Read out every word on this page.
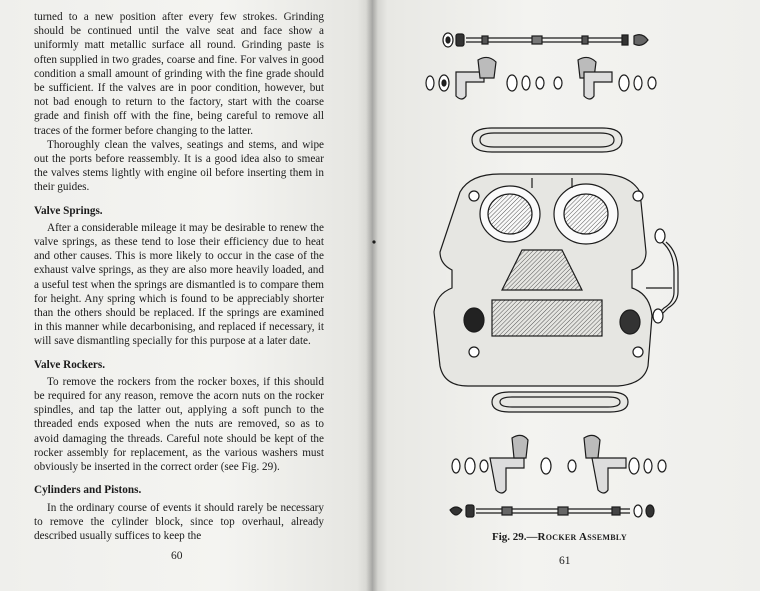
turned to a new position after every few strokes. Grinding should be continued until the valve seat and face show a uniformly matt metallic surface all round. Grinding paste is often supplied in two grades, coarse and fine. For valves in good condition a small amount of grinding with the fine grade should be sufficient. If the valves are in poor condition, however, but not bad enough to return to the factory, start with the coarse grade and finish off with the fine, being careful to remove all traces of the former before changing to the latter.

Thoroughly clean the valves, seatings and stems, and wipe out the ports before reassembly. It is a good idea also to smear the valves stems lightly with engine oil before inserting them in their guides.

Valve Springs.

After a considerable mileage it may be desirable to renew the valve springs, as these tend to lose their efficiency due to heat and other causes. This is more likely to occur in the case of the exhaust valve springs, as they are also more heavily loaded, and a useful test when the springs are dismantled is to compare them for height. Any spring which is found to be appreciably shorter than the others should be replaced. If the springs are examined in this manner while decarbonising, and replaced if necessary, it will save dismantling specially for this purpose at a later date.

Valve Rockers.

To remove the rockers from the rocker boxes, if this should be required for any reason, remove the acorn nuts on the rocker spindles, and tap the latter out, applying a soft punch to the threaded ends exposed when the nuts are removed, so as to avoid damaging the threads. Careful note should be kept of the rocker assembly for replacement, as the various washers must obviously be inserted in the correct order (see Fig. 29).

Cylinders and Pistons.

In the ordinary course of events it should rarely be necessary to remove the cylinder block, since top overhaul, already described usually suffices to keep the

60
Fig. 29.—Rocker Assembly
61
